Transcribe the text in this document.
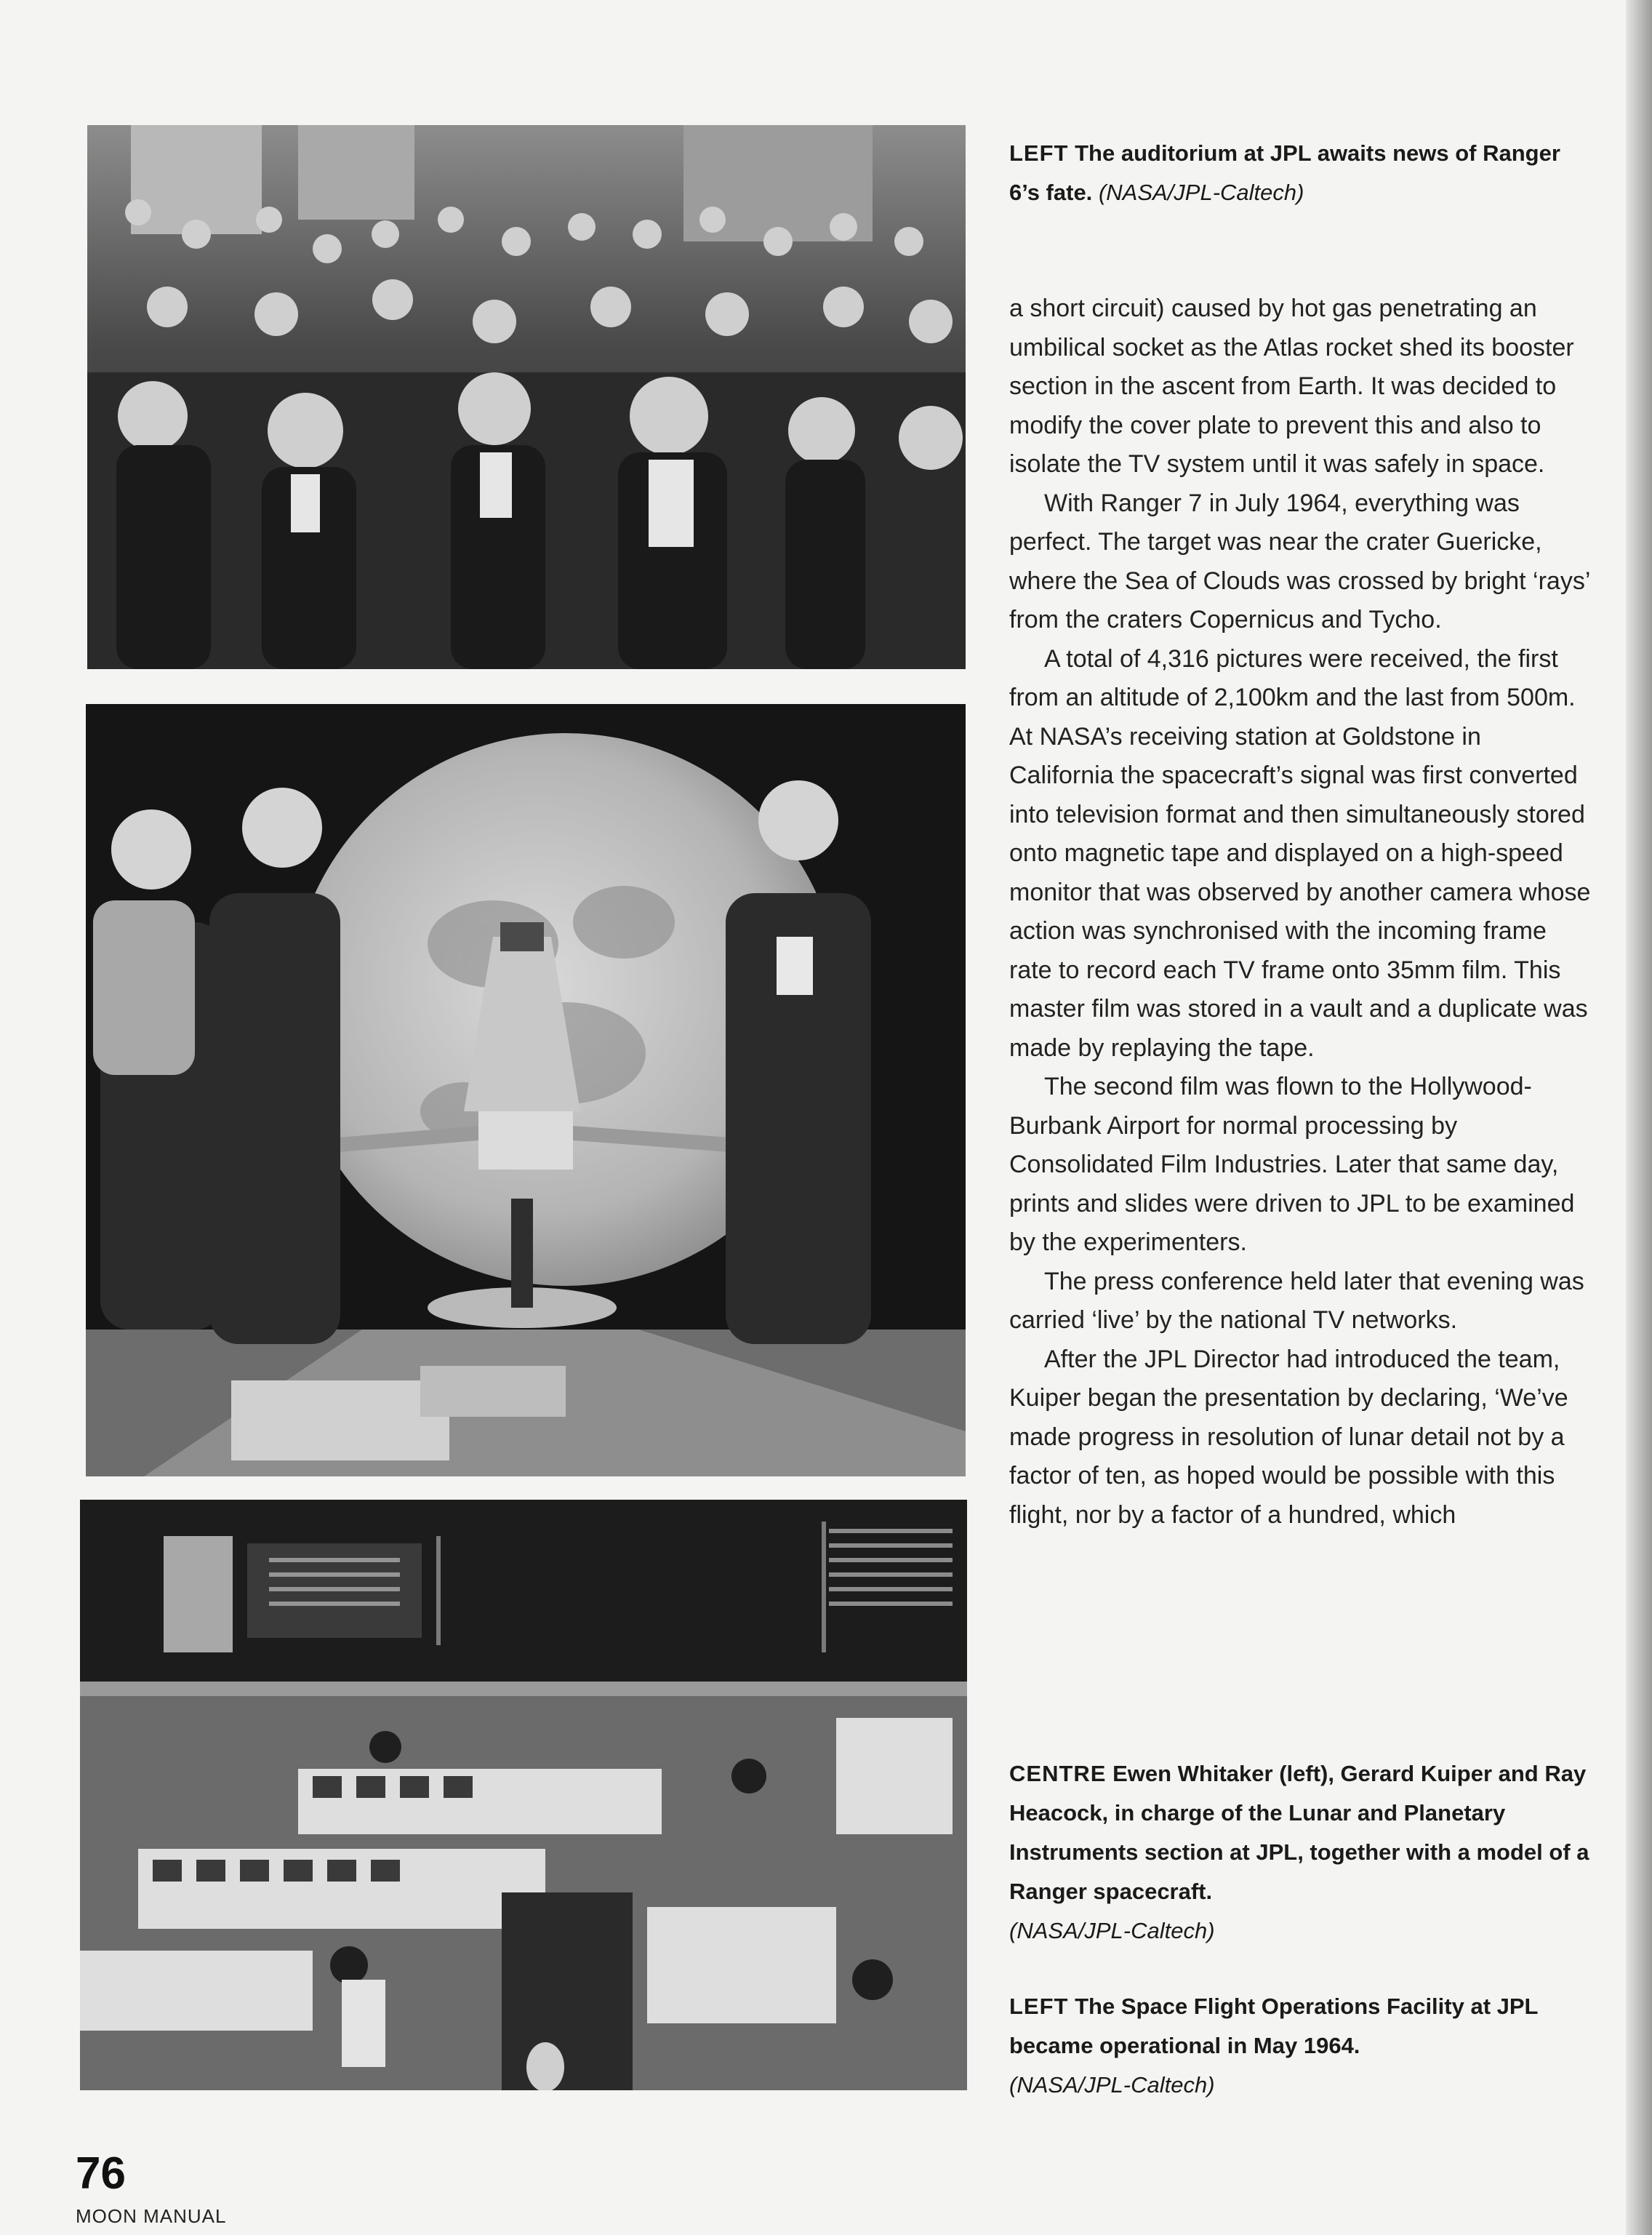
LEFT The auditorium at JPL awaits news of Ranger 6’s fate. (NASA/JPL-Caltech)

a short circuit) caused by hot gas penetrating an umbilical socket as the Atlas rocket shed its booster section in the ascent from Earth. It was decided to modify the cover plate to prevent this and also to isolate the TV system until it was safely in space.

With Ranger 7 in July 1964, everything was perfect. The target was near the crater Guericke, where the Sea of Clouds was crossed by bright ‘rays’ from the craters Copernicus and Tycho.

A total of 4,316 pictures were received, the first from an altitude of 2,100km and the last from 500m. At NASA’s receiving station at Goldstone in California the spacecraft’s signal was first converted into television format and then simultaneously stored onto magnetic tape and displayed on a high-speed monitor that was observed by another camera whose action was synchronised with the incoming frame rate to record each TV frame onto 35mm film. This master film was stored in a vault and a duplicate was made by replaying the tape.

The second film was flown to the Hollywood-Burbank Airport for normal processing by Consolidated Film Industries. Later that same day, prints and slides were driven to JPL to be examined by the experimenters.

The press conference held later that evening was carried ‘live’ by the national TV networks.

After the JPL Director had introduced the team, Kuiper began the presentation by declaring, ‘We’ve made progress in resolution of lunar detail not by a factor of ten, as hoped would be possible with this flight, nor by a factor of a hundred, which

CENTRE Ewen Whitaker (left), Gerard Kuiper and Ray Heacock, in charge of the Lunar and Planetary Instruments section at JPL, together with a model of a Ranger spacecraft.
(NASA/JPL-Caltech)
LEFT The Space Flight Operations Facility at JPL became operational in May 1964.
(NASA/JPL-Caltech)
76
MOON MANUAL
